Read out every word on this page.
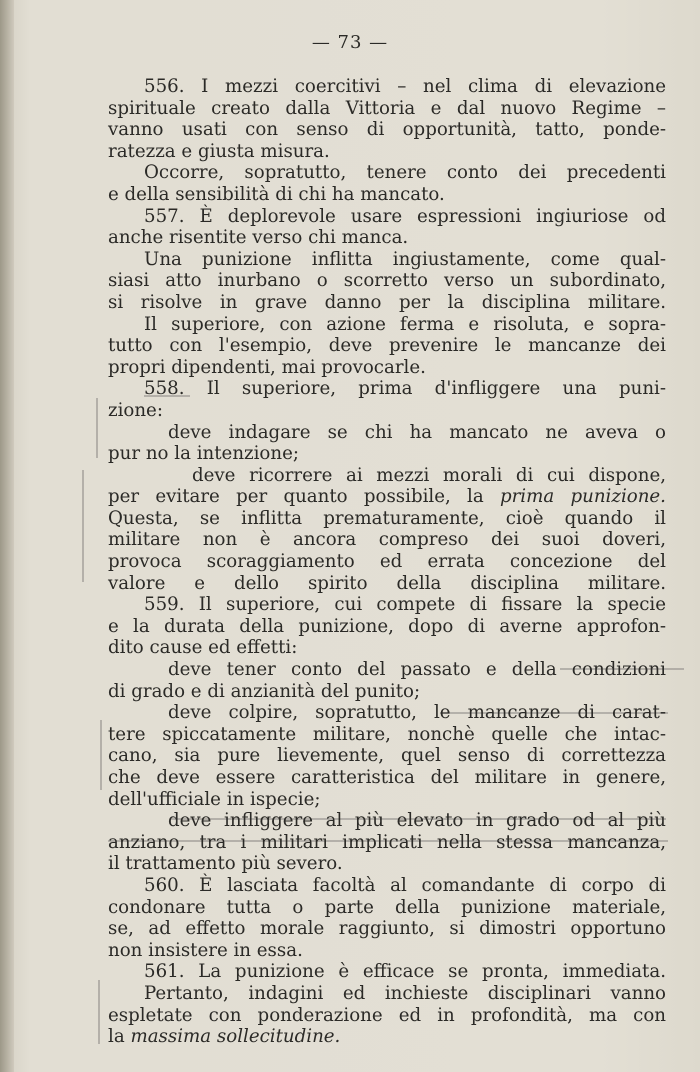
— 73 —
556. I mezzi coercitivi – nel clima di elevazione
spirituale creato dalla Vittoria e dal nuovo Regime –
vanno usati con senso di opportunità, tatto, ponde-
ratezza e giusta misura.
Occorre, sopratutto, tenere conto dei precedenti
e della sensibilità di chi ha mancato.
557. È deplorevole usare espressioni ingiuriose od
anche risentite verso chi manca.
Una punizione inflitta ingiustamente, come qual-
siasi atto inurbano o scorretto verso un subordinato,
si risolve in grave danno per la disciplina militare.
Il superiore, con azione ferma e risoluta, e sopra-
tutto con l'esempio, deve prevenire le mancanze dei
propri dipendenti, mai provocarle.
558. Il superiore, prima d'infliggere una puni-
zione:
deve indagare se chi ha mancato ne aveva o
pur no la intenzione;
deve ricorrere ai mezzi morali di cui dispone,
per evitare per quanto possibile, la prima punizione.
Questa, se inflitta prematuramente, cioè quando il
militare non è ancora compreso dei suoi doveri,
provoca scoraggiamento ed errata concezione del
valore e dello spirito della disciplina militare.
559. Il superiore, cui compete di fissare la specie
e la durata della punizione, dopo di averne approfon-
dito cause ed effetti:
deve tener conto del passato e della condizioni
di grado e di anzianità del punito;
deve colpire, sopratutto, le mancanze di carat-
tere spiccatamente militare, nonchè quelle che intac-
cano, sia pure lievemente, quel senso di correttezza
che deve essere caratteristica del militare in genere,
dell'ufficiale in ispecie;
deve infliggere al più elevato in grado od al più
anziano, tra i militari implicati nella stessa mancanza,
il trattamento più severo.
560. È lasciata facoltà al comandante di corpo di
condonare tutta o parte della punizione materiale,
se, ad effetto morale raggiunto, si dimostri opportuno
non insistere in essa.
561. La punizione è efficace se pronta, immediata.
Pertanto, indagini ed inchieste disciplinari vanno
espletate con ponderazione ed in profondità, ma con
la massima sollecitudine.
